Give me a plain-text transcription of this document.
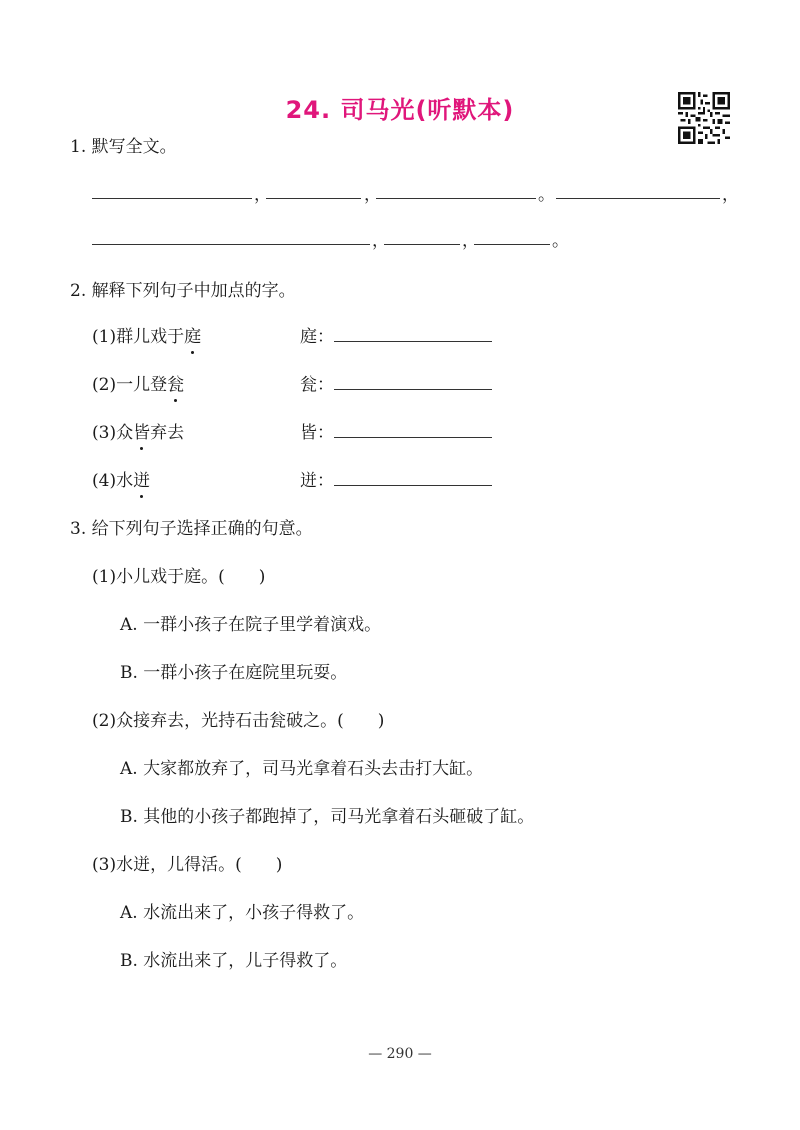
24. 司马光(听默本)
1. 默写全文。
，	，	。	，
，	，	。
2. 解释下列句子中加点的字。
(1)群儿戏于庭	庭：
(2)一儿登瓮	瓮：
(3)众皆弃去	皆：
(4)水迸	迸：
3. 给下列句子选择正确的句意。
(1)小儿戏于庭。(　　)
A. 一群小孩子在院子里学着演戏。
B. 一群小孩子在庭院里玩耍。
(2)众接弃去，光持石击瓮破之。(　　)
A. 大家都放弃了，司马光拿着石头去击打大缸。
B. 其他的小孩子都跑掉了，司马光拿着石头砸破了缸。
(3)水迸，儿得活。(　　)
A. 水流出来了，小孩子得救了。
B. 水流出来了，儿子得救了。
— 290 —
